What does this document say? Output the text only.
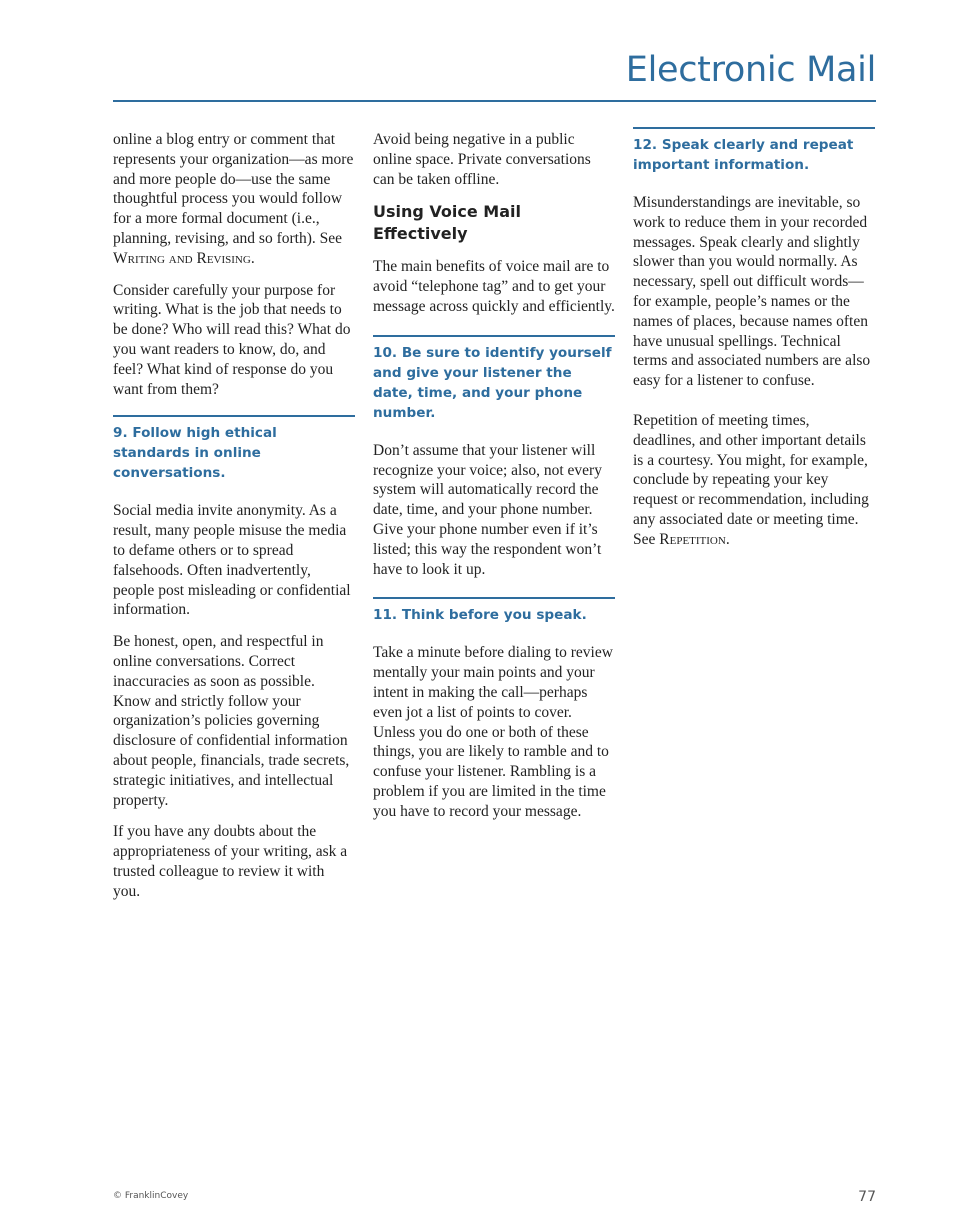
Electronic Mail

online a blog entry or comment that represents your organization—as more and more people do—use the same thoughtful process you would follow for a more formal document (i.e., planning, revising, and so forth). See Writing and Revising.

Consider carefully your purpose for writing. What is the job that needs to be done? Who will read this? What do you want readers to know, do, and feel? What kind of response do you want from them?

9. Follow high ethical standards in online conversations.

Social media invite anonymity. As a result, many people misuse the media to defame others or to spread falsehoods. Often inadvertently, people post misleading or confidential information.

Be honest, open, and respectful in online conversations. Correct inaccuracies as soon as possible. Know and strictly follow your organization’s policies governing disclosure of confidential information about people, financials, trade secrets, strategic initiatives, and intellectual property.

If you have any doubts about the appropriateness of your writing, ask a trusted colleague to review it with you.

Avoid being negative in a public online space. Private conversations can be taken offline.

Using Voice Mail Effectively

The main benefits of voice mail are to avoid “telephone tag” and to get your message across quickly and efficiently.

10. Be sure to identify yourself and give your listener the date, time, and your phone number.

Don’t assume that your listener will recognize your voice; also, not every system will automatically record the date, time, and your phone number. Give your phone number even if it’s listed; this way the respondent won’t have to look it up.

11. Think before you speak.

Take a minute before dialing to review mentally your main points and your intent in making the call—perhaps even jot a list of points to cover. Unless you do one or both of these things, you are likely to ramble and to confuse your listener. Rambling is a problem if you are limited in the time you have to record your message.

12. Speak clearly and repeat important information.

Misunderstandings are inevitable, so work to reduce them in your recorded messages. Speak clearly and slightly slower than you would normally. As necessary, spell out difficult words—for example, people’s names or the names of places, because names often have unusual spellings. Technical terms and associated numbers are also easy for a listener to confuse.

Repetition of meeting times, deadlines, and other important details is a courtesy. You might, for example, conclude by repeating your key request or recommendation, including any associated date or meeting time. See Repetition.

© FranklinCovey	77
